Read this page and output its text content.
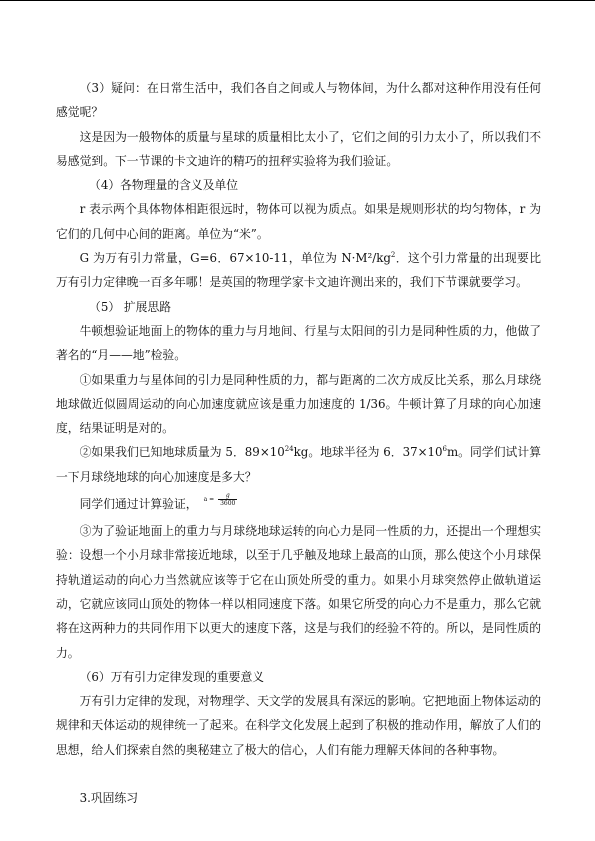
（3）疑问：在日常生活中，我们各自之间或人与物体间，为什么都对这种作用没有任何感觉呢？

这是因为一般物体的质量与星球的质量相比太小了，它们之间的引力太小了，所以我们不易感觉到。下一节课的卡文迪许的精巧的扭秤实验将为我们验证。

（4）各物理量的含义及单位

r 表示两个具体物体相距很远时，物体可以视为质点。如果是规则形状的均匀物体，r 为它们的几何中心间的距离。单位为“米”。

G 为万有引力常量，G=6．67×10-11，单位为 $N\cdot M^2/kg^2$．这个引力常量的出现要比万有引力定律晚一百多年哪！是英国的物理学家卡文迪许测出来的，我们下节课就要学习。

（5） 扩展思路

牛顿想验证地面上的物体的重力与月地间、行星与太阳间的引力是同种性质的力，他做了著名的“月——地”检验。

①如果重力与星体间的引力是同种性质的力，都与距离的二次方成反比关系，那么月球绕地球做近似圆周运动的向心加速度就应该是重力加速度的 1/36。牛顿计算了月球的向心加速度，结果证明是对的。

②如果我们已知地球质量为 5．$89\times 10^{24}kg$。地球半径为 6．$37\times 10^6m$。同学们试计算一下月球绕地球的向心加速度是多大？

同学们通过计算验证， $a = \frac{g}{3600}$

③为了验证地面上的重力与月球绕地球运转的向心力是同一性质的力，还提出一个理想实验：设想一个小月球非常接近地球，以至于几乎触及地球上最高的山顶，那么使这个小月球保持轨道运动的向心力当然就应该等于它在山顶处所受的重力。如果小月球突然停止做轨道运动，它就应该同山顶处的物体一样以相同速度下落。如果它所受的向心力不是重力，那么它就将在这两种力的共同作用下以更大的速度下落，这是与我们的经验不符的。所以，是同性质的力。

（6）万有引力定律发现的重要意义

万有引力定律的发现，对物理学、天文学的发展具有深远的影响。它把地面上物体运动的规律和天体运动的规律统一了起来。在科学文化发展上起到了积极的推动作用，解放了人们的思想，给人们探索自然的奥秘建立了极大的信心，人们有能力理解天体间的各种事物。

3.巩固练习
